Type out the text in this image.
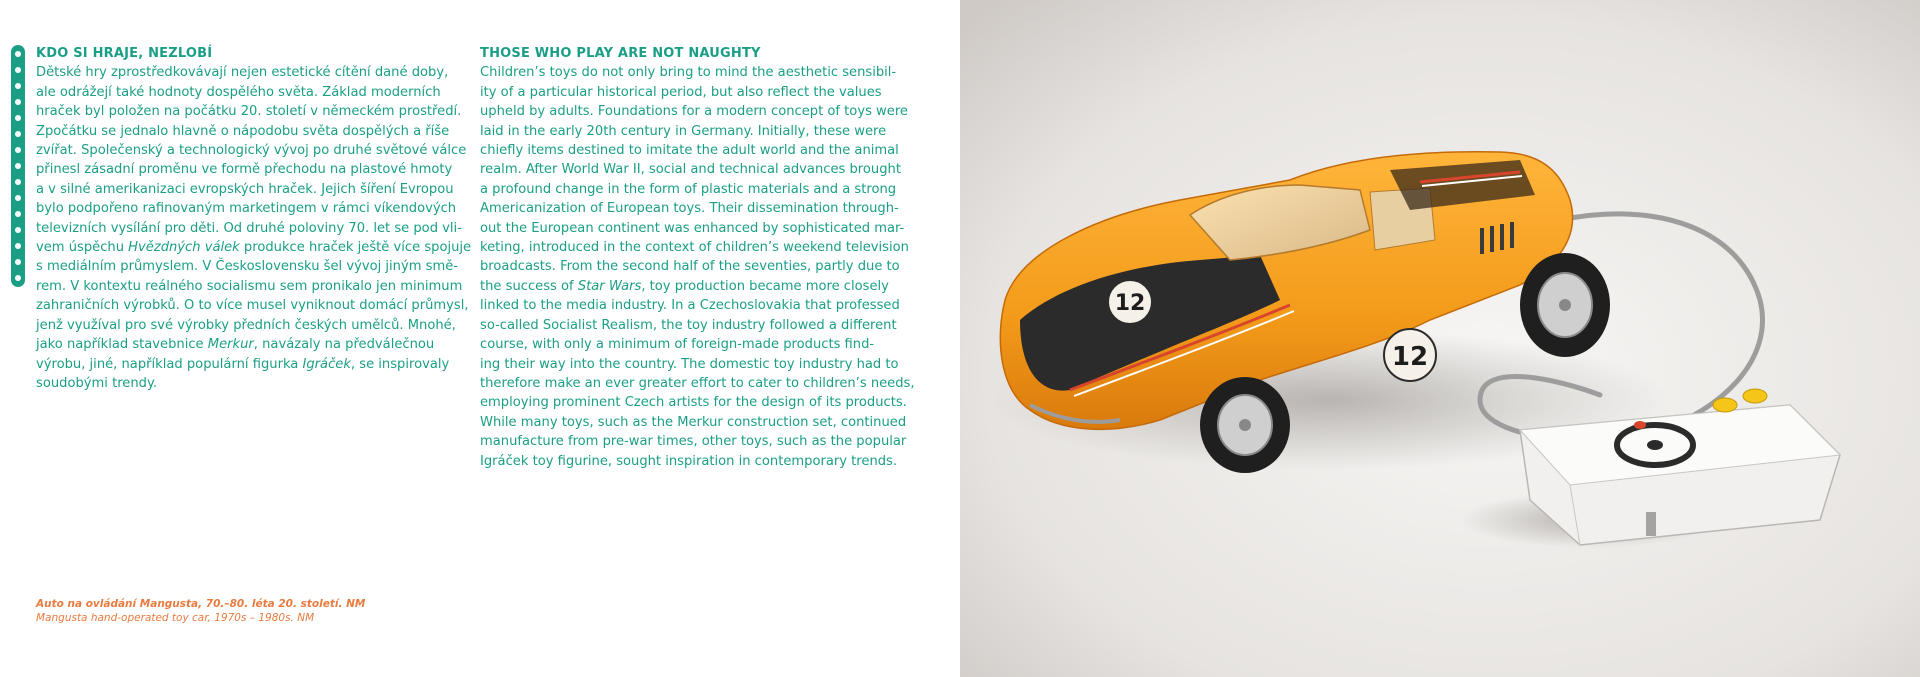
KDO SI HRAJE, NEZLOBÍ
Dětské hry zprostředkovávají nejen estetické cítění dané doby,
ale odrážejí také hodnoty dospělého světa. Základ moderních
hraček byl položen na počátku 20. století v německém prostředí.
Zpočátku se jednalo hlavně o nápodobu světa dospělých a říše
zvířat. Společenský a technologický vývoj po druhé světové válce
přinesl zásadní proměnu ve formě přechodu na plastové hmoty
a v silné amerikanizaci evropských hraček. Jejich šíření Evropou
bylo podpořeno rafinovaným marketingem v rámci víkendových
televizních vysílání pro děti. Od druhé poloviny 70. let se pod vli-
vem úspěchu Hvězdných válek produkce hraček ještě více spojuje
s mediálním průmyslem. V Československu šel vývoj jiným smě-
rem. V kontextu reálného socialismu sem pronikalo jen minimum
zahraničních výrobků. O to více musel vyniknout domácí průmysl,
jenž využíval pro své výrobky předních českých umělců. Mnohé,
jako například stavebnice Merkur, navázaly na předválečnou
výrobu, jiné, například populární figurka Igráček, se inspirovaly
soudobými trendy.
THOSE WHO PLAY ARE NOT NAUGHTY
Children’s toys do not only bring to mind the aesthetic sensibil-
ity of a particular historical period, but also reflect the values
upheld by adults. Foundations for a modern concept of toys were
laid in the early 20th century in Germany. Initially, these were
chiefly items destined to imitate the adult world and the animal
realm. After World War II, social and technical advances brought
a profound change in the form of plastic materials and a strong
Americanization of European toys. Their dissemination through-
out the European continent was enhanced by sophisticated mar-
keting, introduced in the context of children’s weekend television
broadcasts. From the second half of the seventies, partly due to
the success of Star Wars, toy production became more closely
linked to the media industry. In a Czechoslovakia that professed
so-called Socialist Realism, the toy industry followed a different
course, with only a minimum of foreign-made products find-
ing their way into the country. The domestic toy industry had to
therefore make an ever greater effort to cater to children’s needs,
employing prominent Czech artists for the design of its products.
While many toys, such as the Merkur construction set, continued
manufacture from pre-war times, other toys, such as the popular
Igráček toy figurine, sought inspiration in contemporary trends.
Auto na ovládání Mangusta, 70.–80. léta 20. století. NM
Mangusta hand-operated toy car, 1970s – 1980s. NM
12
12
